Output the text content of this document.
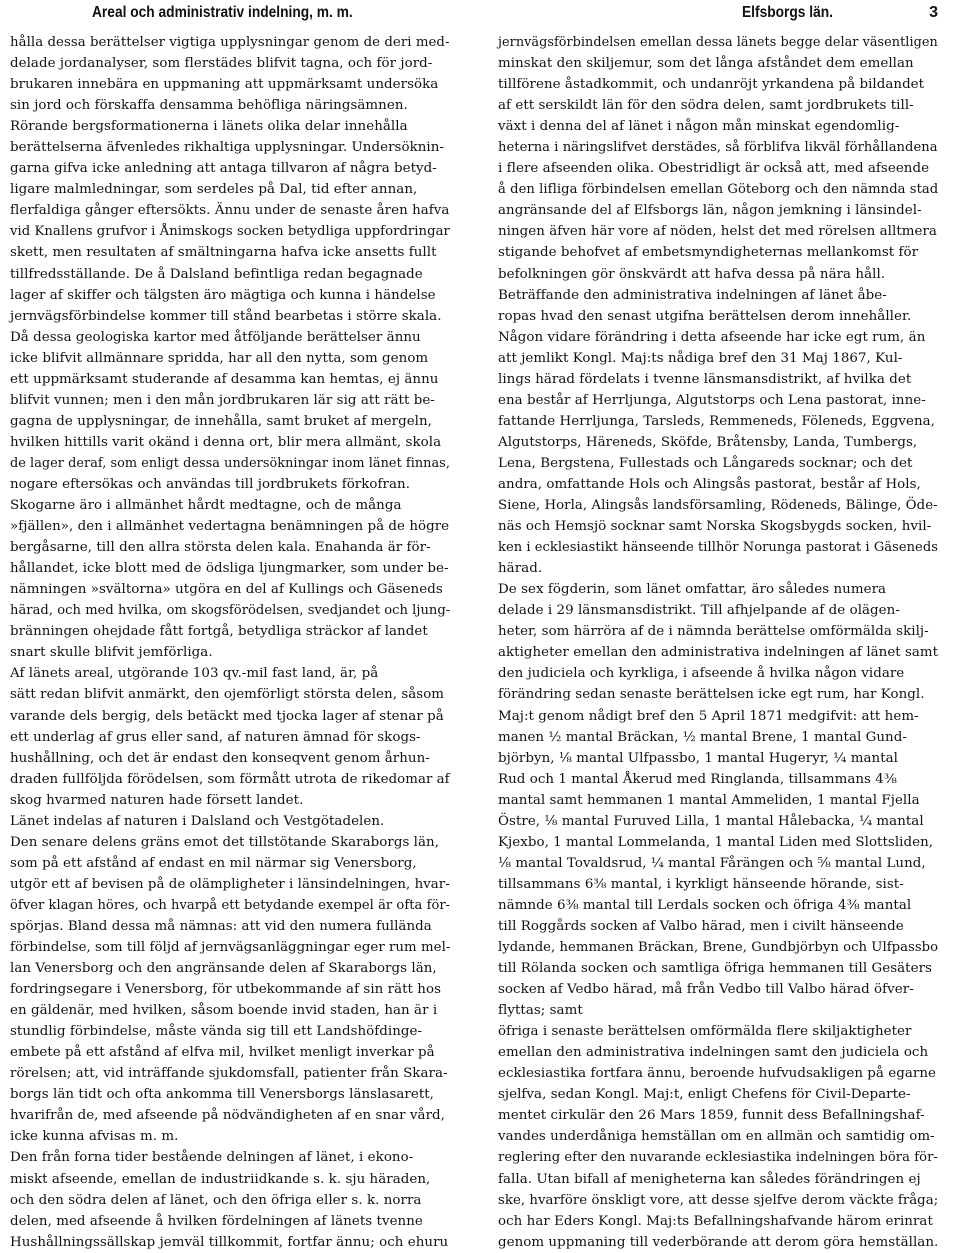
Areal och administrativ indelning, m. m.	Elfsborgs län.	3
hålla dessa berättelser vigtiga upplysningar genom de deri med-
delade jordanalyser, som flerstädes blifvit tagna, och för jord-
brukaren innebära en uppmaning att uppmärksamt undersöka
sin jord och förskaffa densamma behöfliga näringsämnen.
Rörande bergsformationerna i länets olika delar innehålla
berättelserna äfvenledes rikhaltiga upplysningar. Undersöknin-
garna gifva icke anledning att antaga tillvaron af några betyd-
ligare malmledningar, som serdeles på Dal, tid efter annan,
flerfaldiga gånger eftersökts. Ännu under de senaste åren hafva
vid Knallens grufvor i Ånimskogs socken betydliga uppfordringar
skett, men resultaten af smältningarna hafva icke ansetts fullt
tillfredsställande. De å Dalsland befintliga redan begagnade
lager af skiffer och tälgsten äro mägtiga och kunna i händelse
jernvägsförbindelse kommer till stånd bearbetas i större skala.
Då dessa geologiska kartor med åtföljande berättelser ännu
icke blifvit allmännare spridda, har all den nytta, som genom
ett uppmärksamt studerande af desamma kan hemtas, ej ännu
blifvit vunnen; men i den mån jordbrukaren lär sig att rätt be-
gagna de upplysningar, de innehålla, samt bruket af mergeln,
hvilken hittills varit okänd i denna ort, blir mera allmänt, skola
de lager deraf, som enligt dessa undersökningar inom länet finnas,
nogare eftersökas och användas till jordbrukets förkofran.
Skogarne äro i allmänhet hårdt medtagne, och de många
»fjällen», den i allmänhet vedertagna benämningen på de högre
bergåsarne, till den allra största delen kala. Enahanda är för-
hållandet, icke blott med de ödsliga ljungmarker, som under be-
nämningen »svältorna» utgöra en del af Kullings och Gäseneds
härad, och med hvilka, om skogsförödelsen, svedjandet och ljung-
bränningen ohejdade fått fortgå, betydliga sträckor af landet
snart skulle blifvit jemförliga.
Af länets areal, utgörande 103 qv.-mil fast land, är, på
sätt redan blifvit anmärkt, den ojemförligt största delen, såsom
varande dels bergig, dels betäckt med tjocka lager af stenar på
ett underlag af grus eller sand, af naturen ämnad för skogs-
hushållning, och det är endast den konseqvent genom århun-
draden fullföljda förödelsen, som förmått utrota de rikedomar af
skog hvarmed naturen hade försett landet.
Länet indelas af naturen i Dalsland och Vestgötadelen.
Den senare delens gräns emot det tillstötande Skaraborgs län,
som på ett afstånd af endast en mil närmar sig Venersborg,
utgör ett af bevisen på de olämpligheter i länsindelningen, hvar-
öfver klagan höres, och hvarpå ett betydande exempel är ofta för-
spörjas. Bland dessa må nämnas: att vid den numera fullända
förbindelse, som till följd af jernvägsanläggningar eger rum mel-
lan Venersborg och den angränsande delen af Skaraborgs län,
fordringsegare i Venersborg, för utbekommande af sin rätt hos
en gäldenär, med hvilken, såsom boende invid staden, han är i
stundlig förbindelse, måste vända sig till ett Landshöfdinge-
embete på ett afstånd af elfva mil, hvilket menligt inverkar på
rörelsen; att, vid inträffande sjukdomsfall, patienter från Skara-
borgs län tidt och ofta ankomma till Venersborgs länslasarett,
hvarifrån de, med afseende på nödvändigheten af en snar vård,
icke kunna afvisas m. m.
Den från forna tider bestående delningen af länet, i ekono-
miskt afseende, emellan de industriidkande s. k. sju häraden,
och den södra delen af länet, och den öfriga eller s. k. norra
delen, med afseende å hvilken fördelningen af länets tvenne
Hushållningssällskap jemväl tillkommit, fortfar ännu; och ehuru
jernvägsförbindelsen emellan dessa länets begge delar väsentligen
minskat den skiljemur, som det långa afståndet dem emellan
tillförene åstadkommit, och undanröjt yrkandena på bildandet
af ett serskildt län för den södra delen, samt jordbrukets till-
växt i denna del af länet i någon mån minskat egendomlig-
heterna i näringslifvet derstädes, så förblifva likväl förhållandena
i flere afseenden olika. Obestridligt är också att, med afseende
å den lifliga förbindelsen emellan Göteborg och den nämnda stad
angränsande del af Elfsborgs län, någon jemkning i länsindel-
ningen äfven här vore af nöden, helst det med rörelsen alltmera
stigande behofvet af embetsmyndigheternas mellankomst för
befolkningen gör önskvärdt att hafva dessa på nära håll.
Beträffande den administrativa indelningen af länet åbe-
ropas hvad den senast utgifna berättelsen derom innehåller.
Någon vidare förändring i detta afseende har icke egt rum, än
att jemlikt Kongl. Maj:ts nådiga bref den 31 Maj 1867, Kul-
lings härad fördelats i tvenne länsmansdistrikt, af hvilka det
ena består af Herrljunga, Algutstorps och Lena pastorat, inne-
fattande Herrljunga, Tarsleds, Remmeneds, Föleneds, Eggvena,
Algutstorps, Häreneds, Sköfde, Bråtensby, Landa, Tumbergs,
Lena, Bergstena, Fullestads och Långareds socknar; och det
andra, omfattande Hols och Alingsås pastorat, består af Hols,
Siene, Horla, Alingsås landsförsamling, Rödeneds, Bälinge, Öde-
näs och Hemsjö socknar samt Norska Skogsbygds socken, hvil-
ken i ecklesiastikt hänseende tillhör Norunga pastorat i Gäseneds
härad.
De sex fögderin, som länet omfattar, äro således numera
delade i 29 länsmansdistrikt. Till afhjelpande af de olägen-
heter, som härröra af de i nämnda berättelse omförmälda skilj-
aktigheter emellan den administrativa indelningen af länet samt
den judiciela och kyrkliga, i afseende å hvilka någon vidare
förändring sedan senaste berättelsen icke egt rum, har Kongl.
Maj:t genom nådigt bref den 5 April 1871 medgifvit: att hem-
manen ½ mantal Bräckan, ½ mantal Brene, 1 mantal Gund-
björbyn, ⅛ mantal Ulfpassbo, 1 mantal Hugeryr, ¼ mantal
Rud och 1 mantal Åkerud med Ringlanda, tillsammans 4⅜
mantal samt hemmanen 1 mantal Ammeliden, 1 mantal Fjella
Östre, ⅛ mantal Furuved Lilla, 1 mantal Hålebacka, ¼ mantal
Kjexbo, 1 mantal Lommelanda, 1 mantal Liden med Slottsliden,
⅛ mantal Tovaldsrud, ¼ mantal Fårängen och ⅝ mantal Lund,
tillsammans 6⅜ mantal, i kyrkligt hänseende hörande, sist-
nämnde 6⅜ mantal till Lerdals socken och öfriga 4⅜ mantal
till Roggårds socken af Valbo härad, men i civilt hänseende
lydande, hemmanen Bräckan, Brene, Gundbjörbyn och Ulfpassbo
till Rölanda socken och samtliga öfriga hemmanen till Gesäters
socken af Vedbo härad, må från Vedbo till Valbo härad öfver-
flyttas; samt
öfriga i senaste berättelsen omförmälda flere skiljaktigheter
emellan den administrativa indelningen samt den judiciela och
ecklesiastika fortfara ännu, beroende hufvudsakligen på egarne
sjelfva, sedan Kongl. Maj:t, enligt Chefens för Civil-Departe-
mentet cirkulär den 26 Mars 1859, funnit dess Befallningshaf-
vandes underdåniga hemställan om en allmän och samtidig om-
reglering efter den nuvarande ecklesiastika indelningen böra för-
falla. Utan bifall af menigheterna kan således förändringen ej
ske, hvarföre önskligt vore, att desse sjelfve derom väckte fråga;
och har Eders Kongl. Maj:ts Befallningshafvande härom erinrat
genom uppmaning till vederbörande att derom göra hemställan.
